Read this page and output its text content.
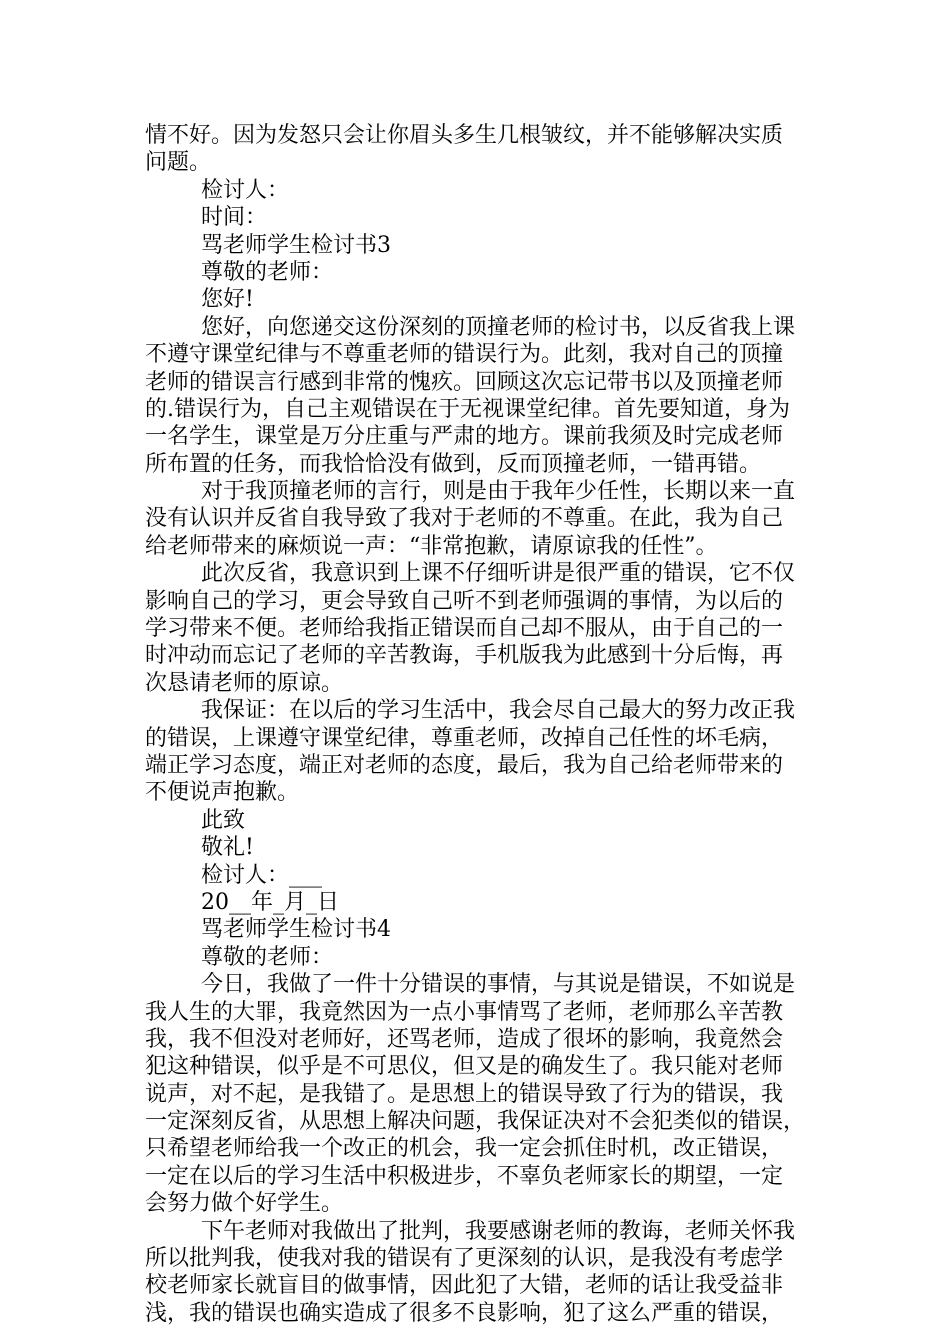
情不好。因为发怒只会让你眉头多生几根皱纹，并不能够解决实质
问题。
检讨人：
时间：
骂老师学生检讨书3
尊敬的老师：
您好!
您好，向您递交这份深刻的顶撞老师的检讨书，以反省我上课
不遵守课堂纪律与不尊重老师的错误行为。此刻，我对自己的顶撞
老师的错误言行感到非常的愧疚。回顾这次忘记带书以及顶撞老师
的.错误行为，自己主观错误在于无视课堂纪律。首先要知道，身为
一名学生，课堂是万分庄重与严肃的地方。课前我须及时完成老师
所布置的任务，而我恰恰没有做到，反而顶撞老师，一错再错。
对于我顶撞老师的言行，则是由于我年少任性，长期以来一直
没有认识并反省自我导致了我对于老师的不尊重。在此，我为自己
给老师带来的麻烦说一声：“非常抱歉，请原谅我的任性”。
此次反省，我意识到上课不仔细听讲是很严重的错误，它不仅
影响自己的学习，更会导致自己听不到老师强调的事情，为以后的
学习带来不便。老师给我指正错误而自己却不服从，由于自己的一
时冲动而忘记了老师的辛苦教诲，手机版我为此感到十分后悔，再
次恳请老师的原谅。
我保证：在以后的学习生活中，我会尽自己最大的努力改正我
的错误，上课遵守课堂纪律，尊重老师，改掉自己任性的坏毛病，
端正学习态度，端正对老师的态度，最后，我为自己给老师带来的
不便说声抱歉。
此致
敬礼!
检讨人：___
20__年_月_日
骂老师学生检讨书4
尊敬的老师：
今日，我做了一件十分错误的事情，与其说是错误，不如说是
我人生的大罪，我竟然因为一点小事情骂了老师，老师那么辛苦教
我，我不但没对老师好，还骂老师，造成了很坏的影响，我竟然会
犯这种错误，似乎是不可思仪，但又是的确发生了。我只能对老师
说声，对不起，是我错了。是思想上的错误导致了行为的错误，我
一定深刻反省，从思想上解决问题，我保证决对不会犯类似的错误，
只希望老师给我一个改正的机会，我一定会抓住时机，改正错误，
一定在以后的学习生活中积极进步，不辜负老师家长的期望，一定
会努力做个好学生。
下午老师对我做出了批判，我要感谢老师的教诲，老师关怀我
所以批判我，使我对我的错误有了更深刻的认识，是我没有考虑学
校老师家长就盲目的做事情，因此犯了大错，老师的话让我受益非
浅，我的错误也确实造成了很多不良影响，犯了这么严重的错误，
